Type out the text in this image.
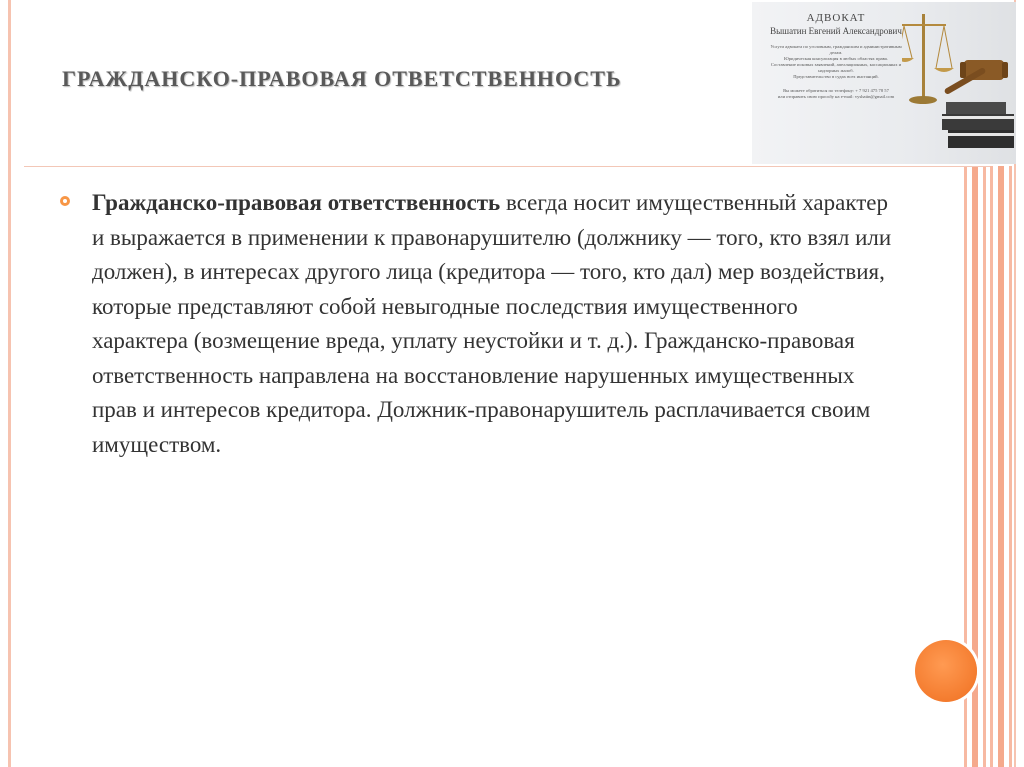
ГРАЖДАНСКО-ПРАВОВАЯ ОТВЕТСТВЕННОСТЬ
АДВОКАТ
Вышатин Евгений Александрович
Услуги адвоката по уголовным, гражданским и административным
делам.
Юридическая консультация в любых областях права.
Составление исковых заявлений, апелляционных, кассационных и
надзорных жалоб.
Представительство в судах всех инстанций.
Вы можете обратиться по телефону: + 7 921 475 78 57
или отправить свою просьбу на e-mail: vyshatin@gmail.com
Гражданско-правовая ответственность всегда носит имущественный характер и выражается в применении к правонарушителю (должнику — того, кто взял или должен), в интересах другого лица (кредитора — того, кто дал) мер воздействия, которые представляют собой невыгодные последствия имущественного характера (возмещение вреда, уплату неустойки и т. д.). Гражданско-правовая ответственность направлена на восстановление нарушенных имущественных прав и интересов кредитора. Должник-правонарушитель расплачивается своим имуществом.
